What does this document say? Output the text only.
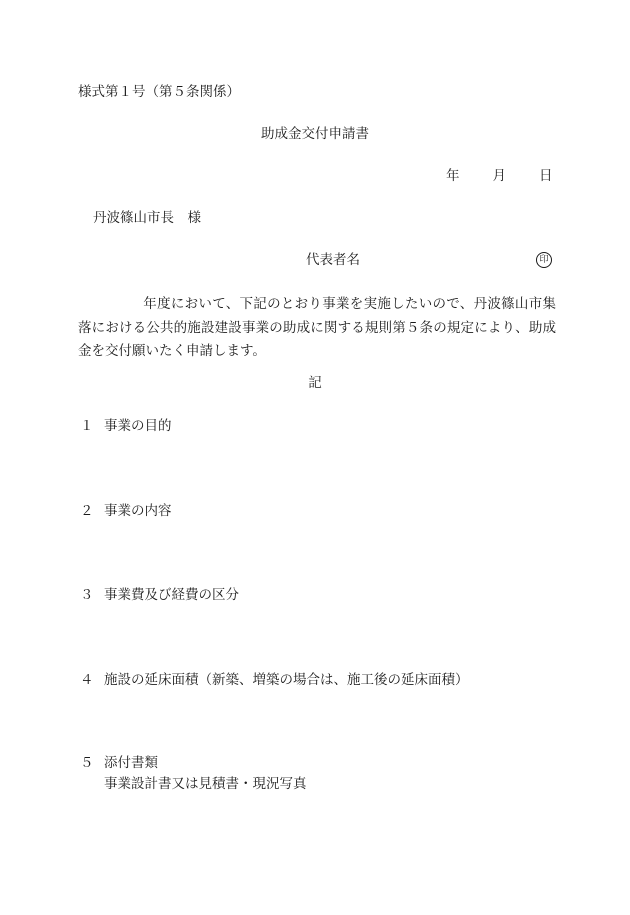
様式第１号（第５条関係）
助成金交付申請書
年 月 日
丹波篠山市長　様
代表者名	印
年度において、下記のとおり事業を実施したいので、丹波篠山市集落における公共的施設建設事業の助成に関する規則第５条の規定により、助成金を交付願いたく申請します。
記
１ 事業の目的
２ 事業の内容
３ 事業費及び経費の区分
４ 施設の延床面積（新築、増築の場合は、施工後の延床面積）
５ 添付書類
事業設計書又は見積書・現況写真
